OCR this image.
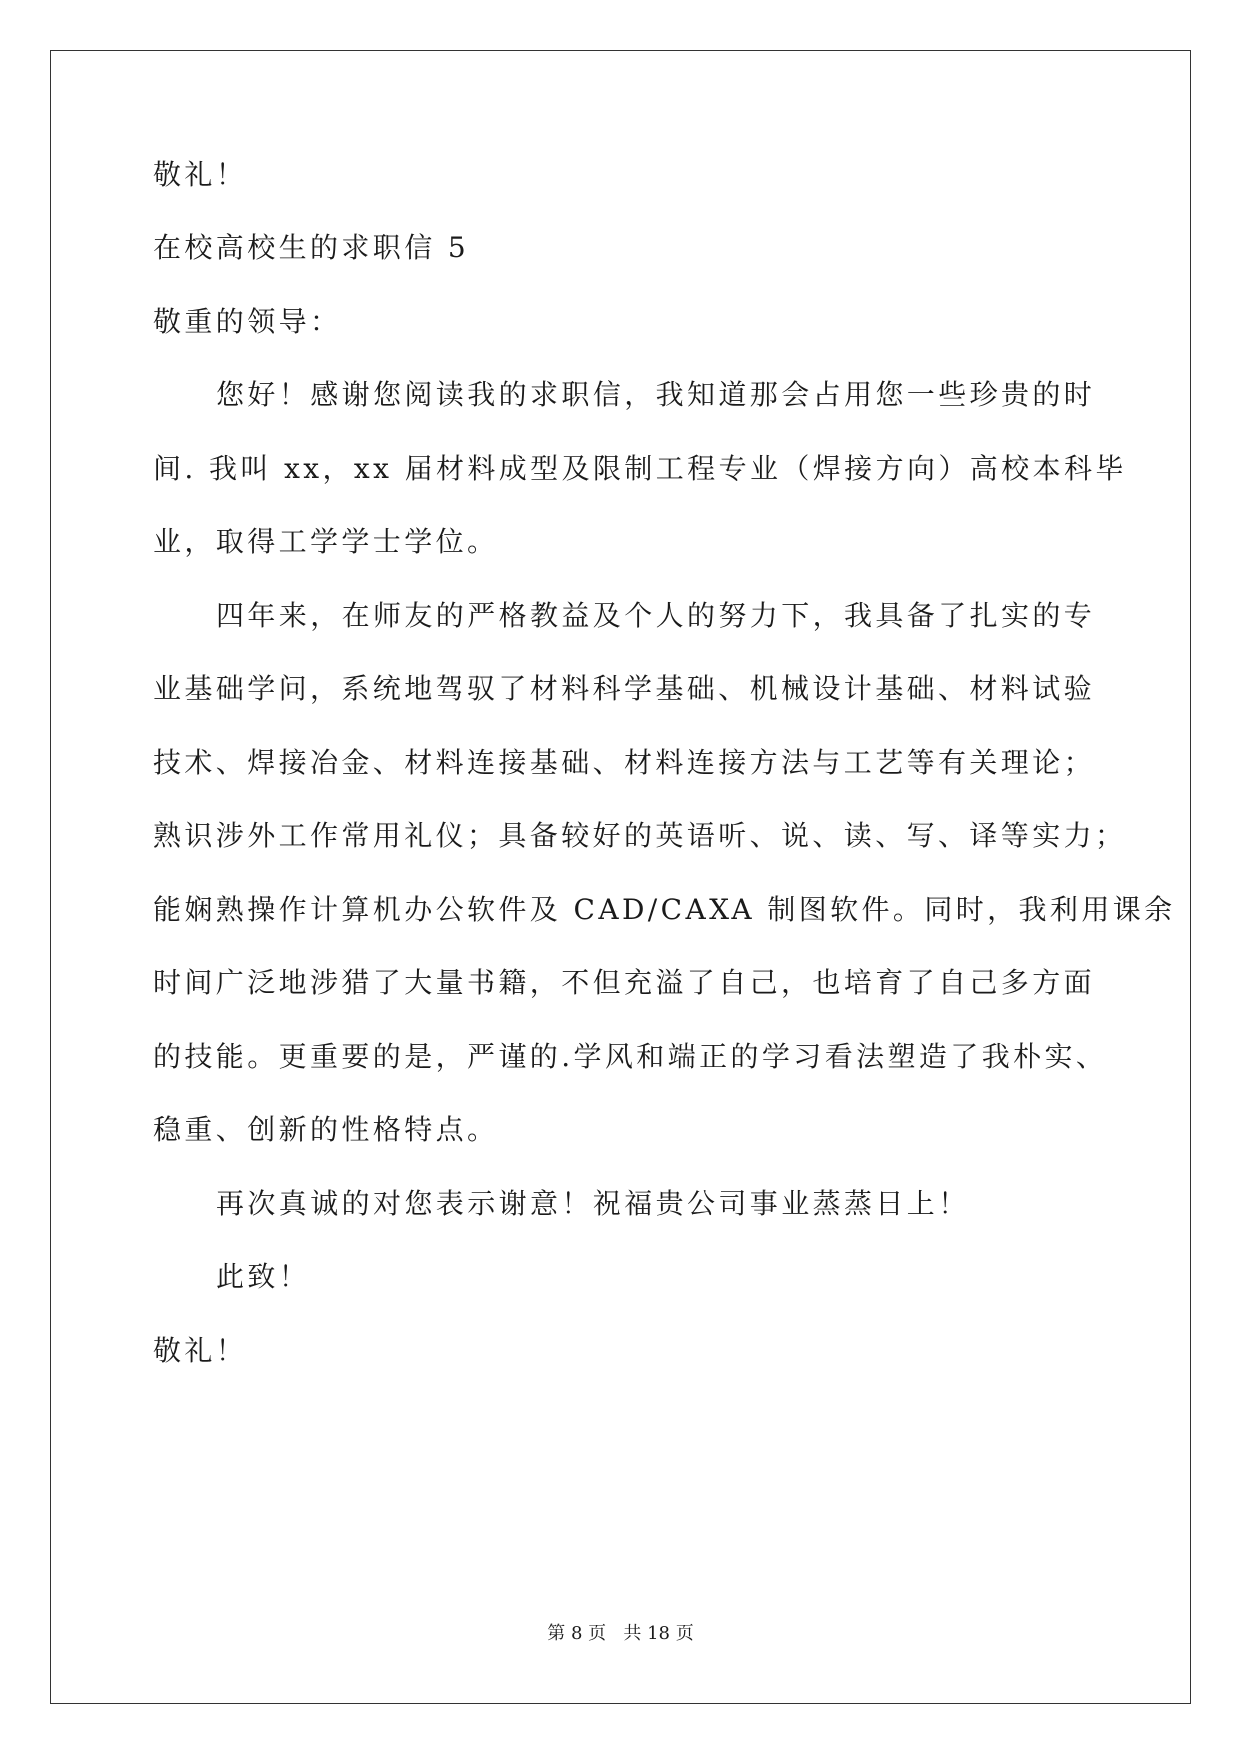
敬礼！
在校高校生的求职信 5
敬重的领导：
您好！感谢您阅读我的求职信，我知道那会占用您一些珍贵的时
间. 我叫 xx，xx 届材料成型及限制工程专业（焊接方向）高校本科毕
业，取得工学学士学位。
四年来，在师友的严格教益及个人的努力下，我具备了扎实的专
业基础学问，系统地驾驭了材料科学基础、机械设计基础、材料试验
技术、焊接冶金、材料连接基础、材料连接方法与工艺等有关理论；
熟识涉外工作常用礼仪；具备较好的英语听、说、读、写、译等实力；
能娴熟操作计算机办公软件及 CAD/CAXA 制图软件。同时，我利用课余
时间广泛地涉猎了大量书籍，不但充溢了自己，也培育了自己多方面
的技能。更重要的是，严谨的.学风和端正的学习看法塑造了我朴实、
稳重、创新的性格特点。
再次真诚的对您表示谢意！祝福贵公司事业蒸蒸日上！
此致！
敬礼！
第 8 页   共 18 页
